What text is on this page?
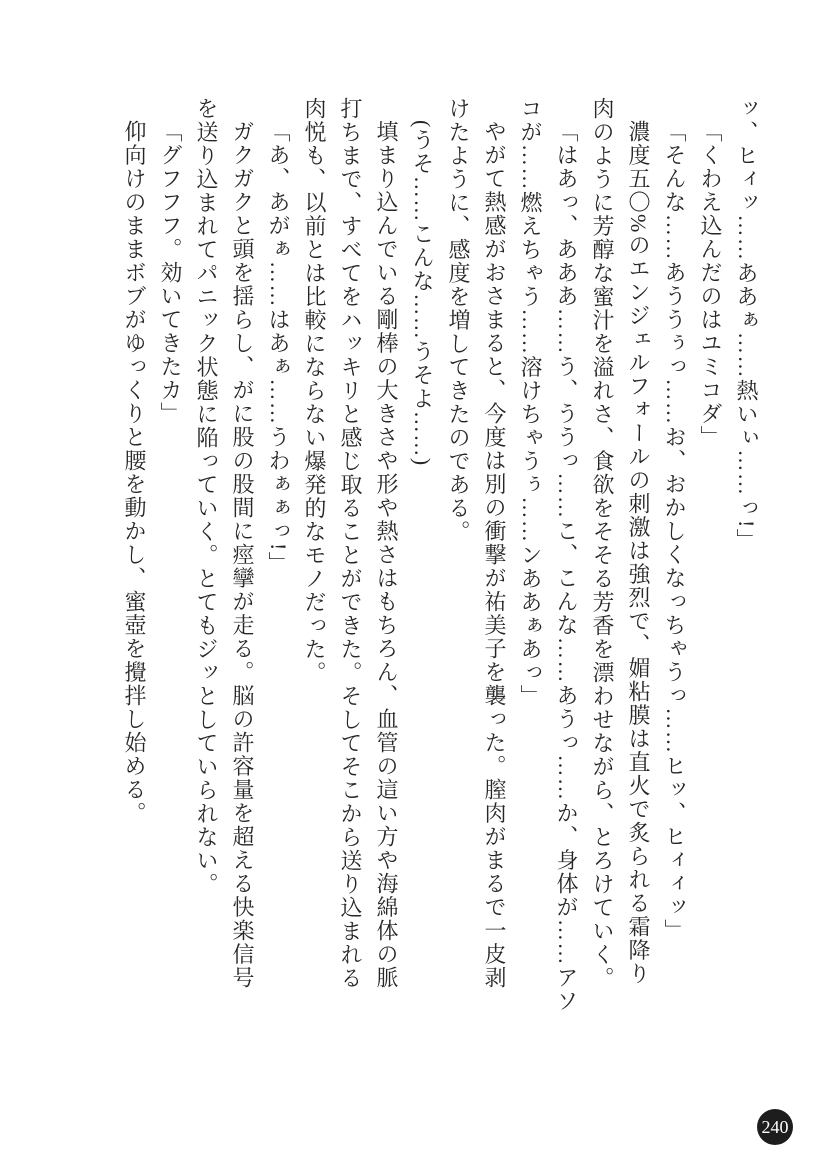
ッ、ヒィッ……ああぁ……熱いぃ……っ!」

「くわえ込んだのはユミコダ」

「そんな……あううぅっ……お、おかしくなっちゃうっ……ヒッ、ヒィィッ」

濃度五〇%のエンジェルフォールの刺激は強烈で、媚粘膜は直火で炙られる霜降り

肉のように芳醇な蜜汁を溢れさ、食欲をそそる芳香を漂わせながら、とろけていく。

「はあっ、あああ……う、ううっ……こ、こんな……あうっ……か、身体が……アソ

コが……燃えちゃう……溶けちゃうぅ……ンああぁあっ」

やがて熱感がおさまると、今度は別の衝撃が祐美子を襲った。膣肉がまるで一皮剥

けたように、感度を増してきたのである。

(うそ……こんな……うそよ……)

填まり込んでいる剛棒の大きさや形や熱さはもちろん、血管の這い方や海綿体の脈

打ちまで、すべてをハッキリと感じ取ることができた。そしてそこから送り込まれる

肉悦も、以前とは比較にならない爆発的なモノだった。

「あ、あがぁ……はあぁ……うわぁぁっ!」

ガクガクと頭を揺らし、がに股の股間に痙攣が走る。脳の許容量を超える快楽信号

を送り込まれてパニック状態に陥っていく。とてもジッとしていられない。

「グフフフ。効いてきたカ」

仰向けのままボブがゆっくりと腰を動かし、蜜壺を攪拌し始める。

240
